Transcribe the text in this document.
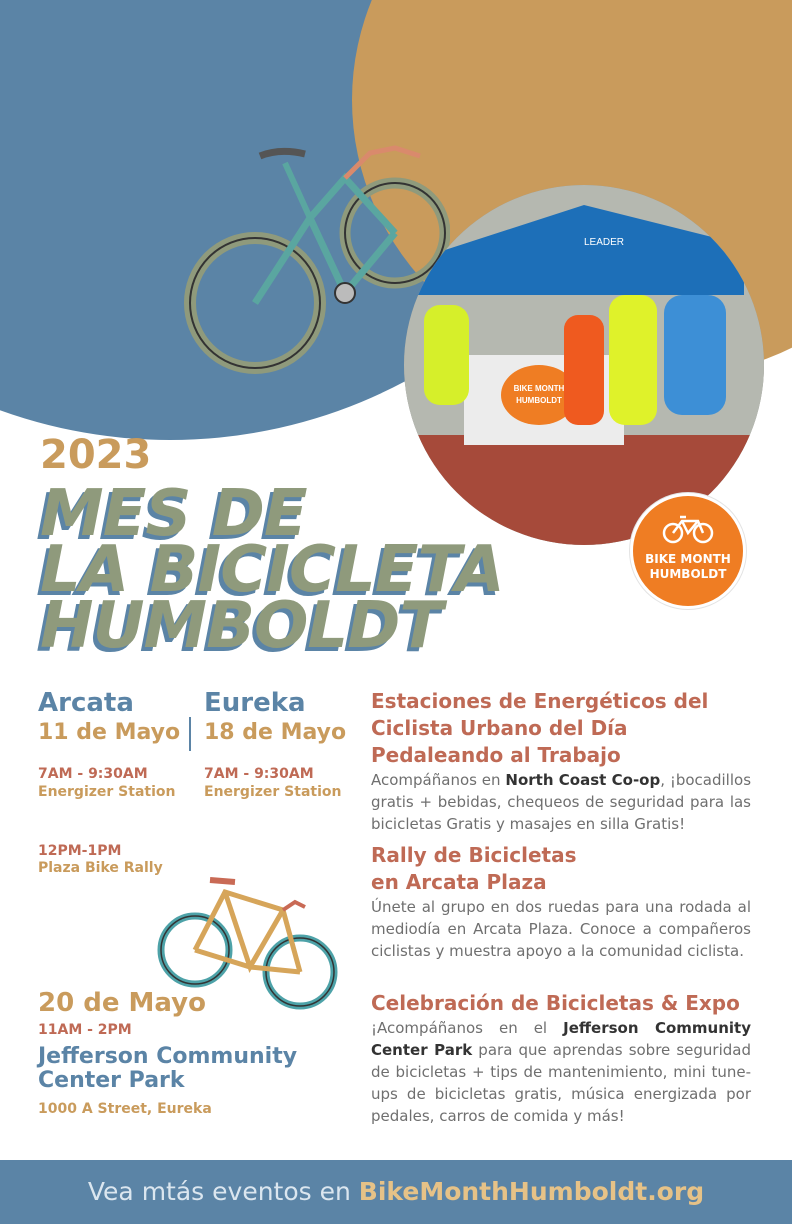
LEADER
BIKE MONTH
HUMBOLDT
BIKE MONTH
HUMBOLDT
2023
MES DE
LA BICICLETA
HUMBOLDT
Arcata
11 de Mayo
Eureka
18 de Mayo
7AM - 9:30AM
Energizer Station
7AM - 9:30AM
Energizer Station
12PM-1PM
Plaza Bike Rally
20 de Mayo
11AM - 2PM
Jefferson Community
Center Park
1000 A Street, Eureka
Estaciones de Energéticos del
Ciclista Urbano del Día
Pedaleando al Trabajo
Acompáñanos en North Coast Co-op, ¡bocadillos gratis + bebidas, chequeos de seguridad para las bicicletas Gratis y masajes en silla Gratis!
Rally de Bicicletas
en Arcata Plaza
Únete al grupo en dos ruedas para una rodada al mediodía en Arcata Plaza. Conoce a compañeros ciclistas y muestra apoyo a la comunidad ciclista.
Celebración de Bicicletas & Expo
¡Acompáñanos en el Jefferson Community Center Park para que aprendas sobre seguridad de bicicletas + tips de mantenimiento, mini tune-ups de bicicletas gratis, música energizada por pedales, carros de comida y más!
Vea mtás eventos en BikeMonthHumboldt.org
